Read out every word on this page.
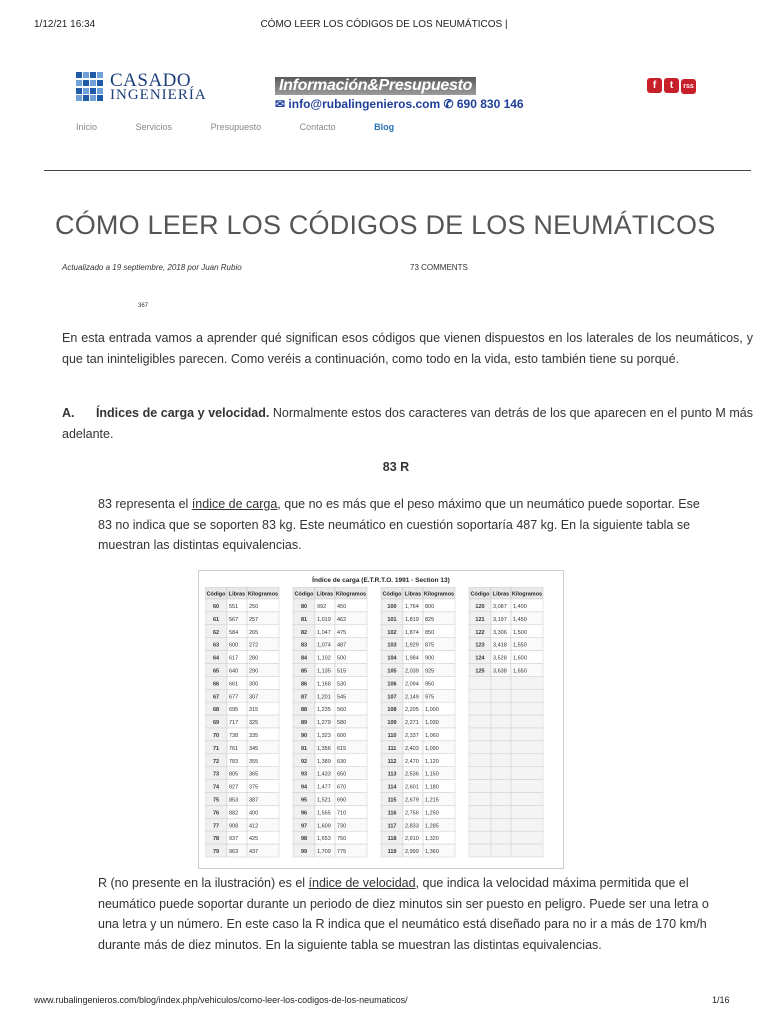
1/12/21 16:34	CÓMO LEER LOS CÓDIGOS DE LOS NEUMÁTICOS |
CASADO
INGENIERÍA
Información&Presupuesto
✉ info@rubalingenieros.com ✆ 690 830 146
f t rss
Inicio	Servicios	Presupuesto	Contacto	Blog
CÓMO LEER LOS CÓDIGOS DE LOS NEUMÁTICOS
Actualizado a 19 septiembre, 2018 por Juan Rubio	73 COMMENTS
367
En esta entrada vamos a aprender qué significan esos códigos que vienen dispuestos en los laterales de los neumáticos, y que tan ininteligibles parecen. Como veréis a continuación, como todo en la vida, esto también tiene su porqué.
A. Índices de carga y velocidad. Normalmente estos dos caracteres van detrás de los que aparecen en el punto M más adelante.
83 R
83 representa el índice de carga, que no es más que el peso máximo que un neumático puede soportar. Ese 83 no indica que se soporten 83 kg. Este neumático en cuestión soportaría 487 kg. En la siguiente tabla se muestran las distintas equivalencias.
Índice de carga (E.T.R.T.O. 1991 - Section 13)
Código Libras Kilogramos
60 551 250
61 567 257
62 584 265
63 600 272
64 617 280
65 640 290
66 661 300
67 677 307
68 695 315
69 717 325
70 738 335
71 761 345
72 783 355
73 805 365
74 827 375
75 853 387
76 882 400
77 908 412
78 937 425
79 963 437
Código Libras Kilogramos
80 992 450
81 1,019 462
82 1,047 475
83 1,074 487
84 1,102 500
85 1,135 515
86 1,168 530
87 1,201 545
88 1,235 560
89 1,279 580
90 1,323 600
91 1,356 615
92 1,389 630
93 1,433 650
94 1,477 670
95 1,521 690
96 1,565 710
97 1,609 730
98 1,653 750
99 1,709 775
Código Libras Kilogramos
100 1,764 800
101 1,819 825
102 1,874 850
103 1,929 875
104 1,984 900
105 2,039 925
106 2,094 950
107 2,149 975
108 2,205 1,000
109 2,271 1,030
110 2,337 1,060
111 2,403 1,090
112 2,470 1,120
113 2,536 1,150
114 2,601 1,180
115 2,679 1,215
116 2,756 1,250
117 2,833 1,285
118 2,910 1,320
119 2,999 1,360
Código Libras Kilogramos
120 3,087 1,400
121 3,197 1,450
122 3,306 1,500
123 3,418 1,550
124 3,528 1,600
125 3,638 1,650
R (no presente en la ilustración) es el índice de velocidad, que indica la velocidad máxima permitida que el neumático puede soportar durante un periodo de diez minutos sin ser puesto en peligro. Puede ser una letra o una letra y un número. En este caso la R indica que el neumático está diseñado para no ir a más de 170 km/h durante más de diez minutos. En la siguiente tabla se muestran las distintas equivalencias.
www.rubalingenieros.com/blog/index.php/vehiculos/como-leer-los-codigos-de-los-neumaticos/	1/16
